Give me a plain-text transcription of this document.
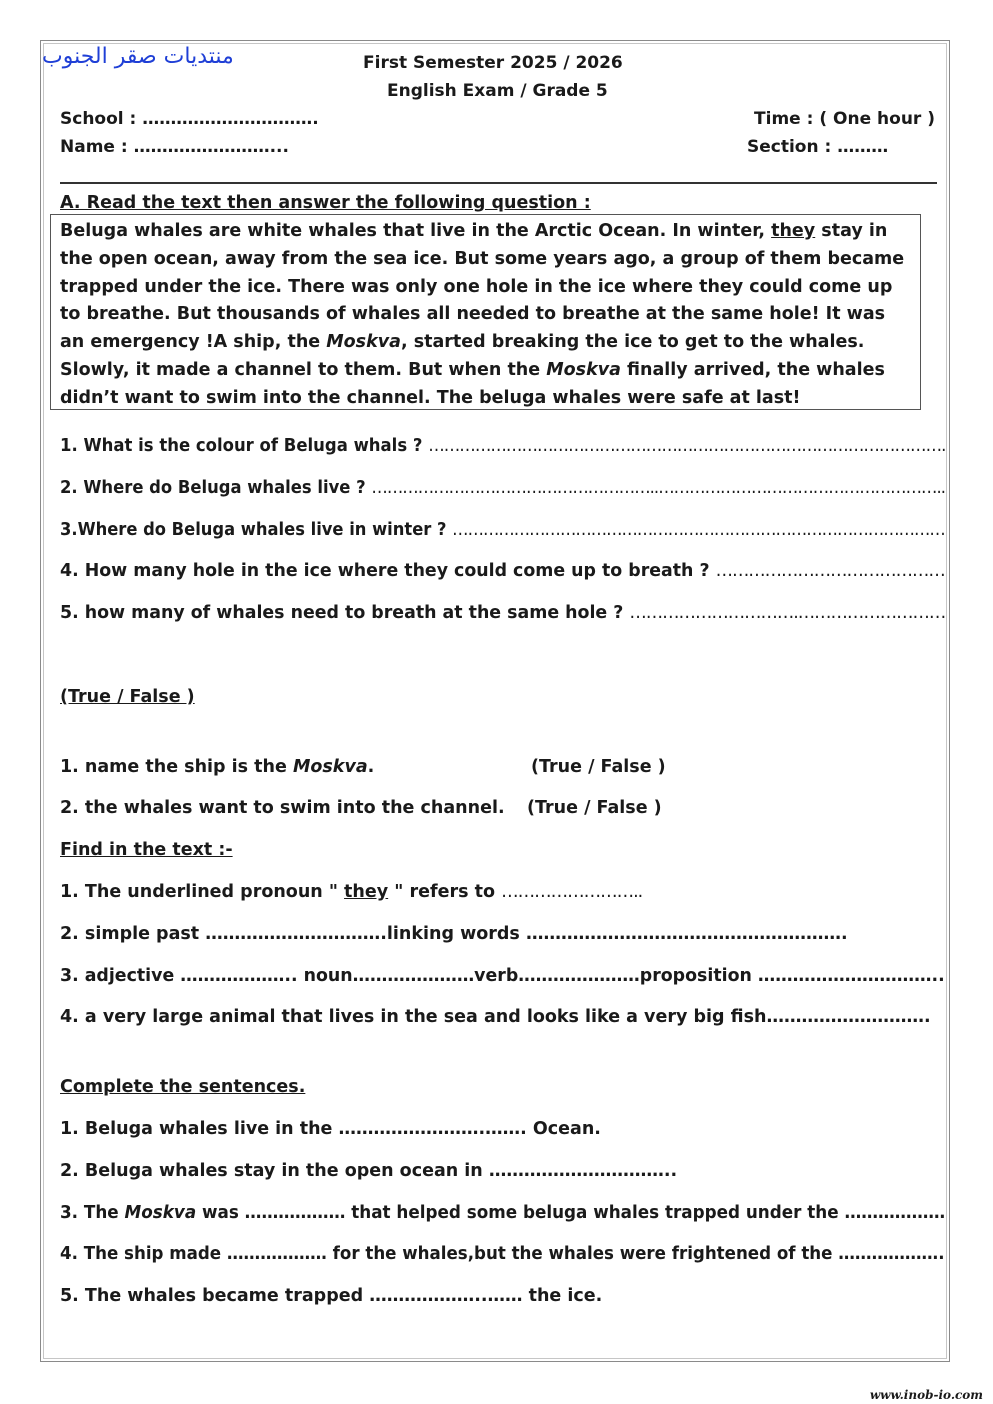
منتديات صقر الجنوب	First Semester 2025 / 2026
English Exam / Grade 5
School : ………………………….	Time : ( One hour )
Name : ……………………...	Section : ………
A. Read the text then answer the following question :

Beluga whales are white whales that live in the Arctic Ocean. In winter, they stay in

the open ocean, away from the sea ice. But some years ago, a group of them became

trapped under the ice. There was only one hole in the ice where they could come up

to breathe. But thousands of whales all needed to breathe at the same hole! It was

an emergency !A ship, the Moskva, started breaking the ice to get to the whales.

Slowly, it made a channel to them. But when the Moskva finally arrived, the whales

didn’t want to swim into the channel. The beluga whales were safe at last!

1. What is the colour of Beluga whals ? ……………………………………………………………………………………….
2. Where do Beluga whales live ? ………………………………………………..………………………………………………..
3.Where do Beluga whales live in winter ? ……………………………………………………………………………………
4. How many hole in the ice where they could come up to breath ? ……………………………………
5. how many of whales need to breath at the same hole ? ………………………….………………………
(True / False )
1. name the ship is the Moskva.	(True / False )
2. the whales want to swim into the channel. (True / False )
Find in the text :-
1. The underlined pronoun " they " refers to ……………………..
2. simple past ………………………….linking words ……………………………………………….
3. adjective ……………….. noun…………………verb…………………proposition …………………………..
4. a very large animal that lives in the sea and looks like a very big fish……………………….
Complete the sentences.
1. Beluga whales live in the …………………….……. Ocean.
2. Beluga whales stay in the open ocean in …………………………..
3. The Moskva was ……………… that helped some beluga whales trapped under the ………………
4. The ship made ……………… for the whales,but the whales were frightened of the ……………….
5. The whales became trapped ………………..…… the ice.
www.inob-io.com
